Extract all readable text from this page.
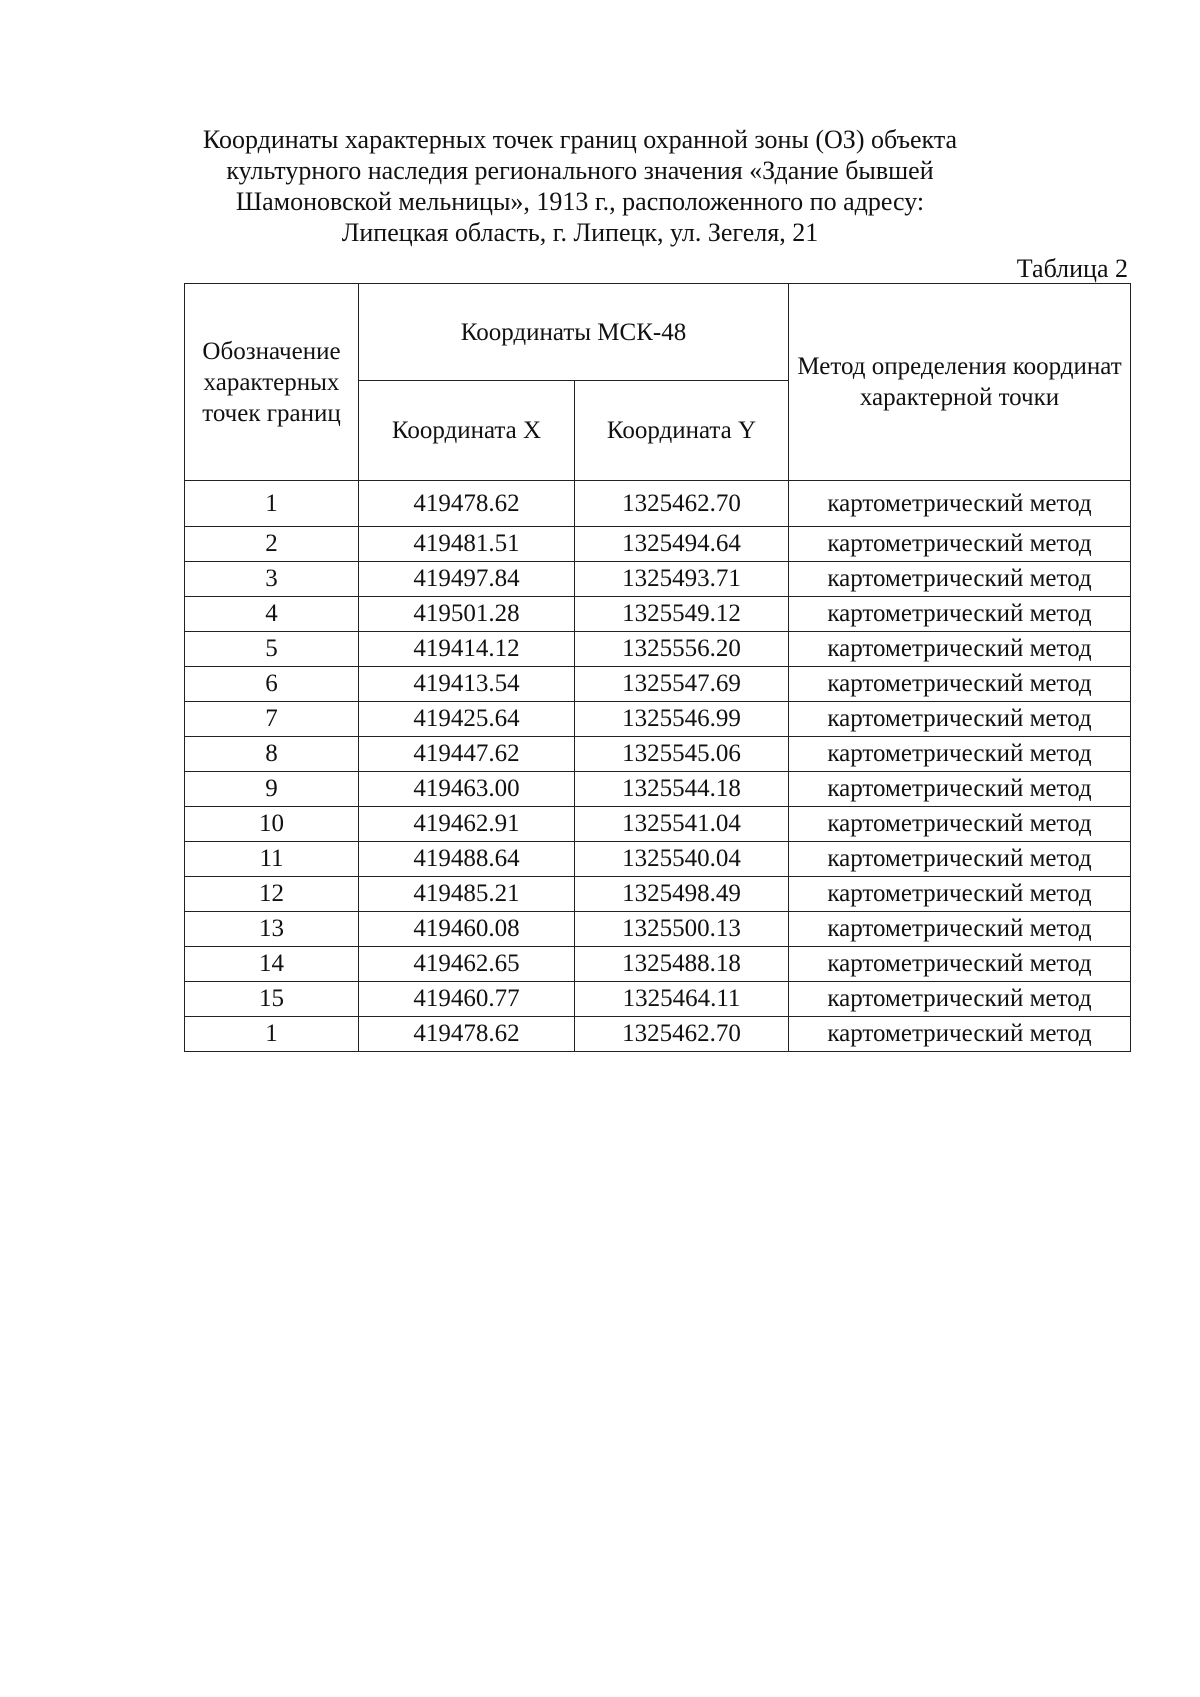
Координаты характерных точек границ охранной зоны (ОЗ) объекта
культурного наследия регионального значения «Здание бывшей
Шамоновской мельницы», 1913 г., расположенного по адресу:
Липецкая область, г. Липецк, ул. Зегеля, 21
Таблица 2
Обозначение характерных точек границ	Координаты МСК-48		Метод определения координат характерной точки
	Координата X	Координата Y	
1	419478.62	1325462.70	картометрический метод
2	419481.51	1325494.64	картометрический метод
3	419497.84	1325493.71	картометрический метод
4	419501.28	1325549.12	картометрический метод
5	419414.12	1325556.20	картометрический метод
6	419413.54	1325547.69	картометрический метод
7	419425.64	1325546.99	картометрический метод
8	419447.62	1325545.06	картометрический метод
9	419463.00	1325544.18	картометрический метод
10	419462.91	1325541.04	картометрический метод
11	419488.64	1325540.04	картометрический метод
12	419485.21	1325498.49	картометрический метод
13	419460.08	1325500.13	картометрический метод
14	419462.65	1325488.18	картометрический метод
15	419460.77	1325464.11	картометрический метод
1	419478.62	1325462.70	картометрический метод
